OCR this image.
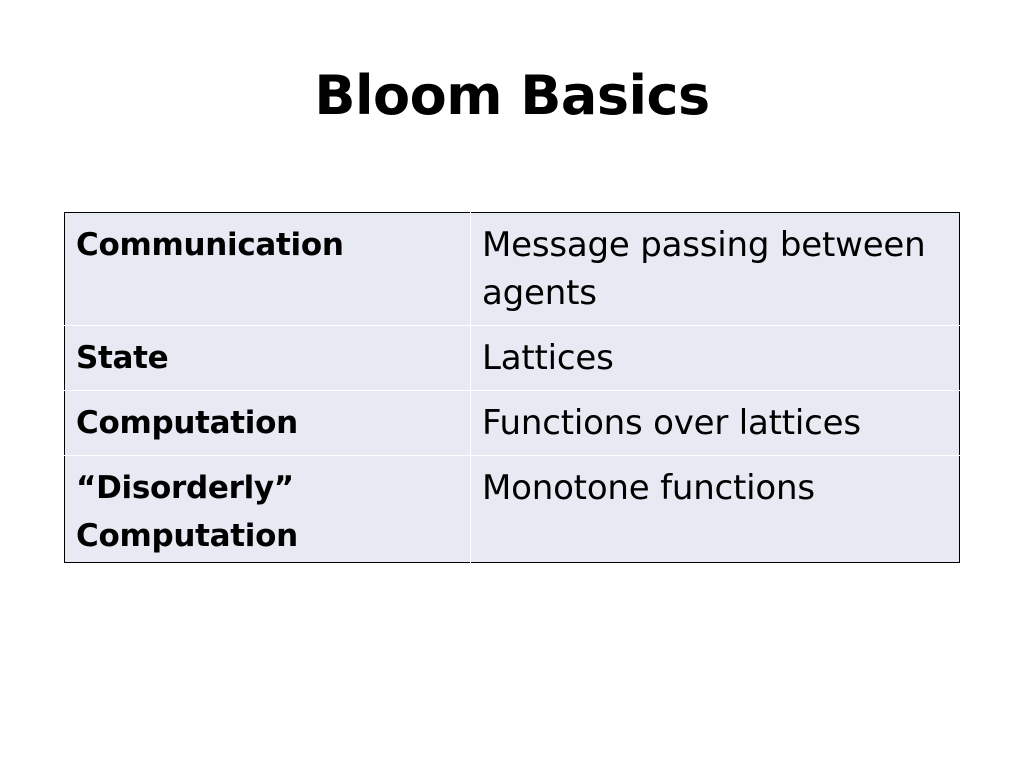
Bloom Basics
Communication	Message passing between agents
State	Lattices
Computation	Functions over lattices
“Disorderly” Computation	Monotone functions
